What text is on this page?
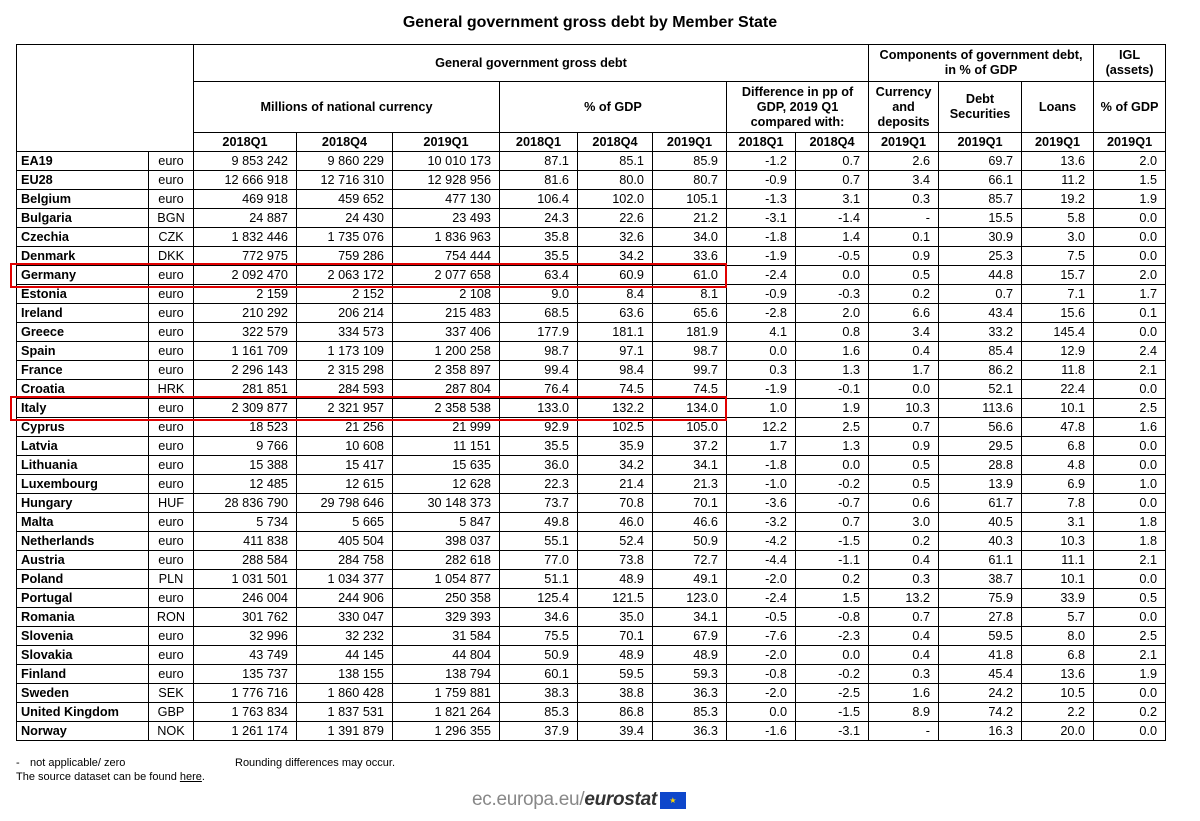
General government gross debt by Member State
		General government gross debt								Components of government debt, in % of GDP			IGL (assets)
		Millions of national currency			% of GDP			Difference in pp of GDP, 2019 Q1 compared with:		Currency and deposits	Debt Securities	Loans	% of GDP
		2018Q1	2018Q4	2019Q1	2018Q1	2018Q4	2019Q1	2018Q1	2018Q4	2019Q1	2019Q1	2019Q1	2019Q1
EA19	euro	9 853 242	9 860 229	10 010 173	87.1	85.1	85.9	-1.2	0.7	2.6	69.7	13.6	2.0
EU28	euro	12 666 918	12 716 310	12 928 956	81.6	80.0	80.7	-0.9	0.7	3.4	66.1	11.2	1.5
Belgium	euro	469 918	459 652	477 130	106.4	102.0	105.1	-1.3	3.1	0.3	85.7	19.2	1.9
Bulgaria	BGN	24 887	24 430	23 493	24.3	22.6	21.2	-3.1	-1.4	-	15.5	5.8	0.0
Czechia	CZK	1 832 446	1 735 076	1 836 963	35.8	32.6	34.0	-1.8	1.4	0.1	30.9	3.0	0.0
Denmark	DKK	772 975	759 286	754 444	35.5	34.2	33.6	-1.9	-0.5	0.9	25.3	7.5	0.0
Germany	euro	2 092 470	2 063 172	2 077 658	63.4	60.9	61.0	-2.4	0.0	0.5	44.8	15.7	2.0
Estonia	euro	2 159	2 152	2 108	9.0	8.4	8.1	-0.9	-0.3	0.2	0.7	7.1	1.7
Ireland	euro	210 292	206 214	215 483	68.5	63.6	65.6	-2.8	2.0	6.6	43.4	15.6	0.1
Greece	euro	322 579	334 573	337 406	177.9	181.1	181.9	4.1	0.8	3.4	33.2	145.4	0.0
Spain	euro	1 161 709	1 173 109	1 200 258	98.7	97.1	98.7	0.0	1.6	0.4	85.4	12.9	2.4
France	euro	2 296 143	2 315 298	2 358 897	99.4	98.4	99.7	0.3	1.3	1.7	86.2	11.8	2.1
Croatia	HRK	281 851	284 593	287 804	76.4	74.5	74.5	-1.9	-0.1	0.0	52.1	22.4	0.0
Italy	euro	2 309 877	2 321 957	2 358 538	133.0	132.2	134.0	1.0	1.9	10.3	113.6	10.1	2.5
Cyprus	euro	18 523	21 256	21 999	92.9	102.5	105.0	12.2	2.5	0.7	56.6	47.8	1.6
Latvia	euro	9 766	10 608	11 151	35.5	35.9	37.2	1.7	1.3	0.9	29.5	6.8	0.0
Lithuania	euro	15 388	15 417	15 635	36.0	34.2	34.1	-1.8	0.0	0.5	28.8	4.8	0.0
Luxembourg	euro	12 485	12 615	12 628	22.3	21.4	21.3	-1.0	-0.2	0.5	13.9	6.9	1.0
Hungary	HUF	28 836 790	29 798 646	30 148 373	73.7	70.8	70.1	-3.6	-0.7	0.6	61.7	7.8	0.0
Malta	euro	5 734	5 665	5 847	49.8	46.0	46.6	-3.2	0.7	3.0	40.5	3.1	1.8
Netherlands	euro	411 838	405 504	398 037	55.1	52.4	50.9	-4.2	-1.5	0.2	40.3	10.3	1.8
Austria	euro	288 584	284 758	282 618	77.0	73.8	72.7	-4.4	-1.1	0.4	61.1	11.1	2.1
Poland	PLN	1 031 501	1 034 377	1 054 877	51.1	48.9	49.1	-2.0	0.2	0.3	38.7	10.1	0.0
Portugal	euro	246 004	244 906	250 358	125.4	121.5	123.0	-2.4	1.5	13.2	75.9	33.9	0.5
Romania	RON	301 762	330 047	329 393	34.6	35.0	34.1	-0.5	-0.8	0.7	27.8	5.7	0.0
Slovenia	euro	32 996	32 232	31 584	75.5	70.1	67.9	-7.6	-2.3	0.4	59.5	8.0	2.5
Slovakia	euro	43 749	44 145	44 804	50.9	48.9	48.9	-2.0	0.0	0.4	41.8	6.8	2.1
Finland	euro	135 737	138 155	138 794	60.1	59.5	59.3	-0.8	-0.2	0.3	45.4	13.6	1.9
Sweden	SEK	1 776 716	1 860 428	1 759 881	38.3	38.8	36.3	-2.0	-2.5	1.6	24.2	10.5	0.0
United Kingdom	GBP	1 763 834	1 837 531	1 821 264	85.3	86.8	85.3	0.0	-1.5	8.9	74.2	2.2	0.2
Norway	NOK	1 261 174	1 391 879	1 296 355	37.9	39.4	36.3	-1.6	-3.1	-	16.3	20.0	0.0
- not applicable/ zero	Rounding differences may occur.
The source dataset can be found here.
ec.europa.eu/ eurostat	★
